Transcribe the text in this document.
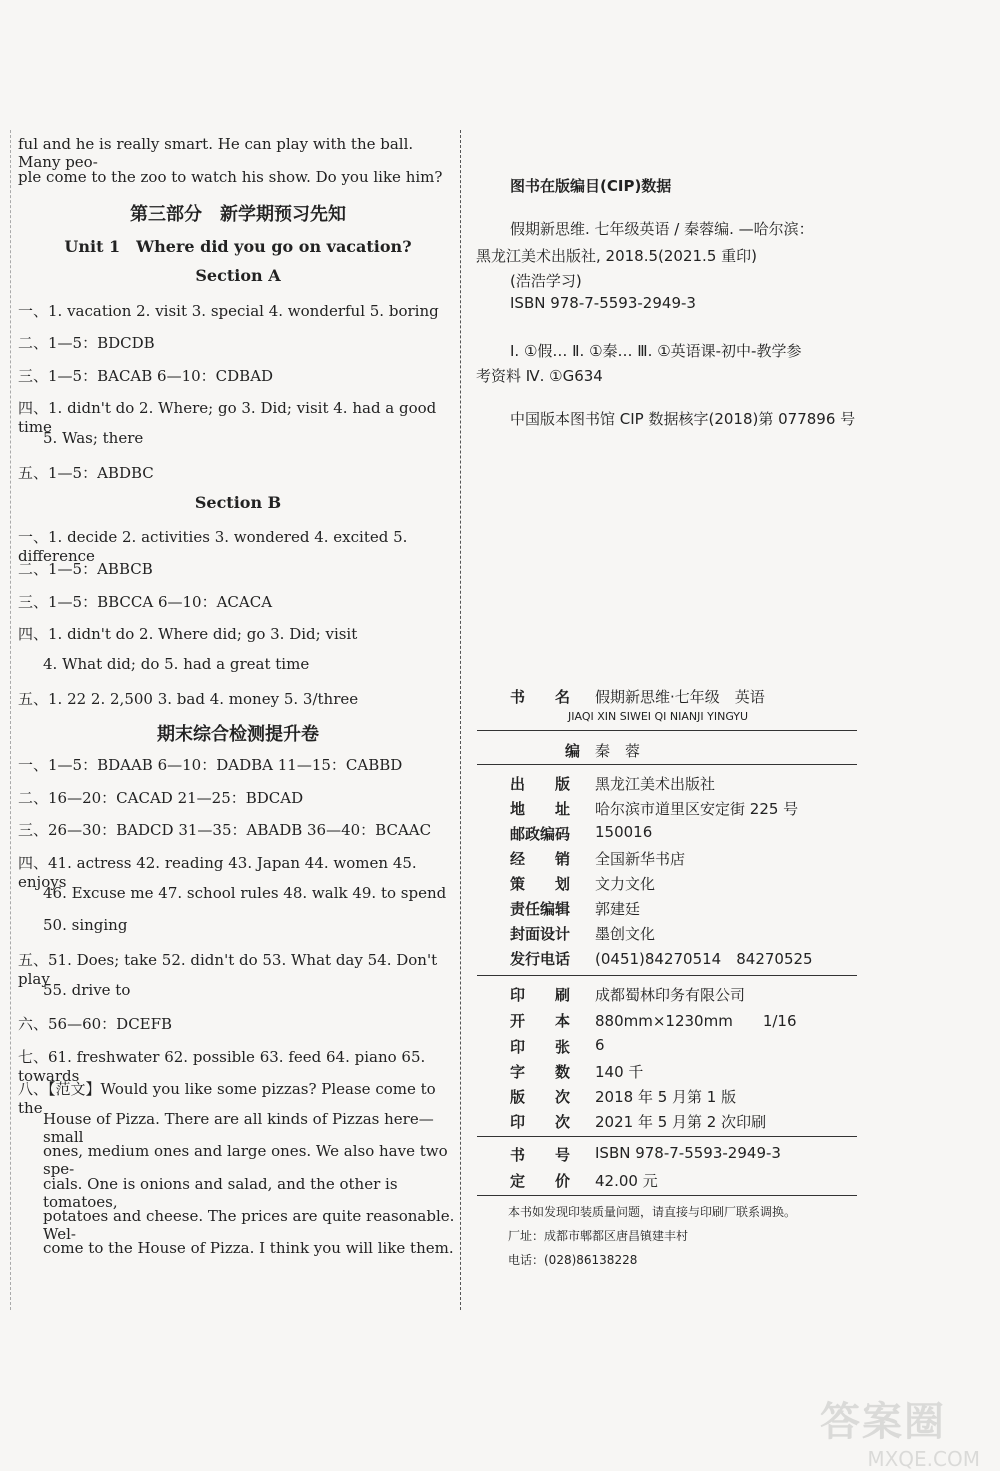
ful and he is really smart. He can play with the ball. Many peo-
ple come to the zoo to watch his show. Do you like him?
第三部分　新学期预习先知
Unit 1　Where did you go on vacation?
Section A
一、1. vacation 2. visit 3. special 4. wonderful 5. boring
二、1—5：BDCDB
三、1—5：BACAB 6—10：CDBAD
四、1. didn't do 2. Where; go 3. Did; visit 4. had a good time
5. Was; there
五、1—5：ABDBC
Section B
一、1. decide 2. activities 3. wondered 4. excited 5. difference
二、1—5：ABBCB
三、1—5：BBCCA 6—10：ACACA
四、1. didn't do 2. Where did; go 3. Did; visit
4. What did; do 5. had a great time
五、1. 22 2. 2,500 3. bad 4. money 5. 3/three
期末综合检测提升卷
一、1—5：BDAAB 6—10：DADBA 11—15：CABBD
二、16—20：CACAD 21—25：BDCAD
三、26—30：BADCD 31—35：ABADB 36—40：BCAAC
四、41. actress 42. reading 43. Japan 44. women 45. enjoys
46. Excuse me 47. school rules 48. walk 49. to spend
50. singing
五、51. Does; take 52. didn't do 53. What day 54. Don't play
55. drive to
六、56—60：DCEFB
七、61. freshwater 62. possible 63. feed 64. piano 65. towards
八、【范文】Would you like some pizzas? Please come to the
House of Pizza. There are all kinds of Pizzas here—small
ones, medium ones and large ones. We also have two spe-
cials. One is onions and salad, and the other is tomatoes,
potatoes and cheese. The prices are quite reasonable. Wel-
come to the House of Pizza. I think you will like them.
图书在版编目(CIP)数据
假期新思维. 七年级英语 / 秦蓉编. —哈尔滨：
黑龙江美术出版社, 2018.5(2021.5 重印)
(浩浩学习)
ISBN 978-7-5593-2949-3
Ⅰ. ①假… Ⅱ. ①秦… Ⅲ. ①英语课-初中-教学参
考资料 Ⅳ. ①G634
中国版本图书馆 CIP 数据核字(2018)第 077896 号
书　　名 假期新思维·七年级　英语
JIAQI XIN SIWEI QI NIANJI YINGYU
编 秦　蓉
出　　版 黑龙江美术出版社
地　　址 哈尔滨市道里区安定街 225 号
邮政编码 150016
经　　销 全国新华书店
策　　划 文力文化
责任编辑 郭建廷
封面设计 墨创文化
发行电话 (0451)84270514　84270525
印　　刷 成都蜀林印务有限公司
开　　本 880mm×1230mm　　1/16
印　　张 6
字　　数 140 千
版　　次 2018 年 5 月第 1 版
印　　次 2021 年 5 月第 2 次印刷
书　　号 ISBN 978-7-5593-2949-3
定　　价 42.00 元
本书如发现印装质量问题，请直接与印刷厂联系调换。
厂址：成都市郫都区唐昌镇建丰村
电话：(028)86138228
答案圈
MXQE.COM
